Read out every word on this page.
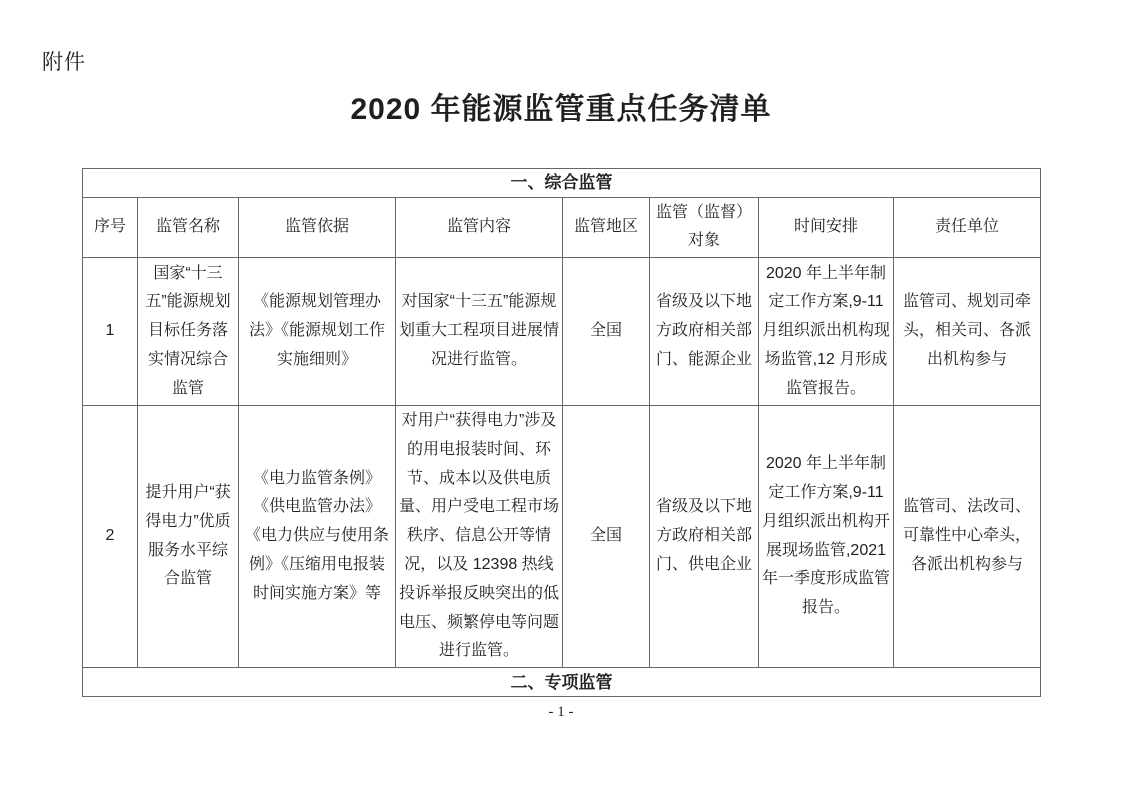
附件
2020 年能源监管重点任务清单
一、综合监管							
序号	监管名称	监管依据	监管内容	监管地区	监管（监督）对象	时间安排	责任单位
1	国家“十三五”能源规划目标任务落实情况综合监管	《能源规划管理办法》《能源规划工作实施细则》	对国家“十三五”能源规划重大工程项目进展情况进行监管。	全国	省级及以下地方政府相关部门、能源企业	2020 年上半年制定工作方案,9-11 月组织派出机构现场监管,12 月形成监管报告。	监管司、规划司牵头，相关司、各派出机构参与
2	提升用户“获得电力”优质服务水平综合监管	《电力监管条例》《供电监管办法》《电力供应与使用条例》《压缩用电报装时间实施方案》等	对用户“获得电力”涉及的用电报装时间、环节、成本以及供电质量、用户受电工程市场秩序、信息公开等情况，以及 12398 热线投诉举报反映突出的低电压、频繁停电等问题进行监管。	全国	省级及以下地方政府相关部门、供电企业	2020 年上半年制定工作方案,9-11 月组织派出机构开展现场监管,2021 年一季度形成监管报告。	监管司、法改司、可靠性中心牵头，各派出机构参与
二、专项监管							
- 1 -
